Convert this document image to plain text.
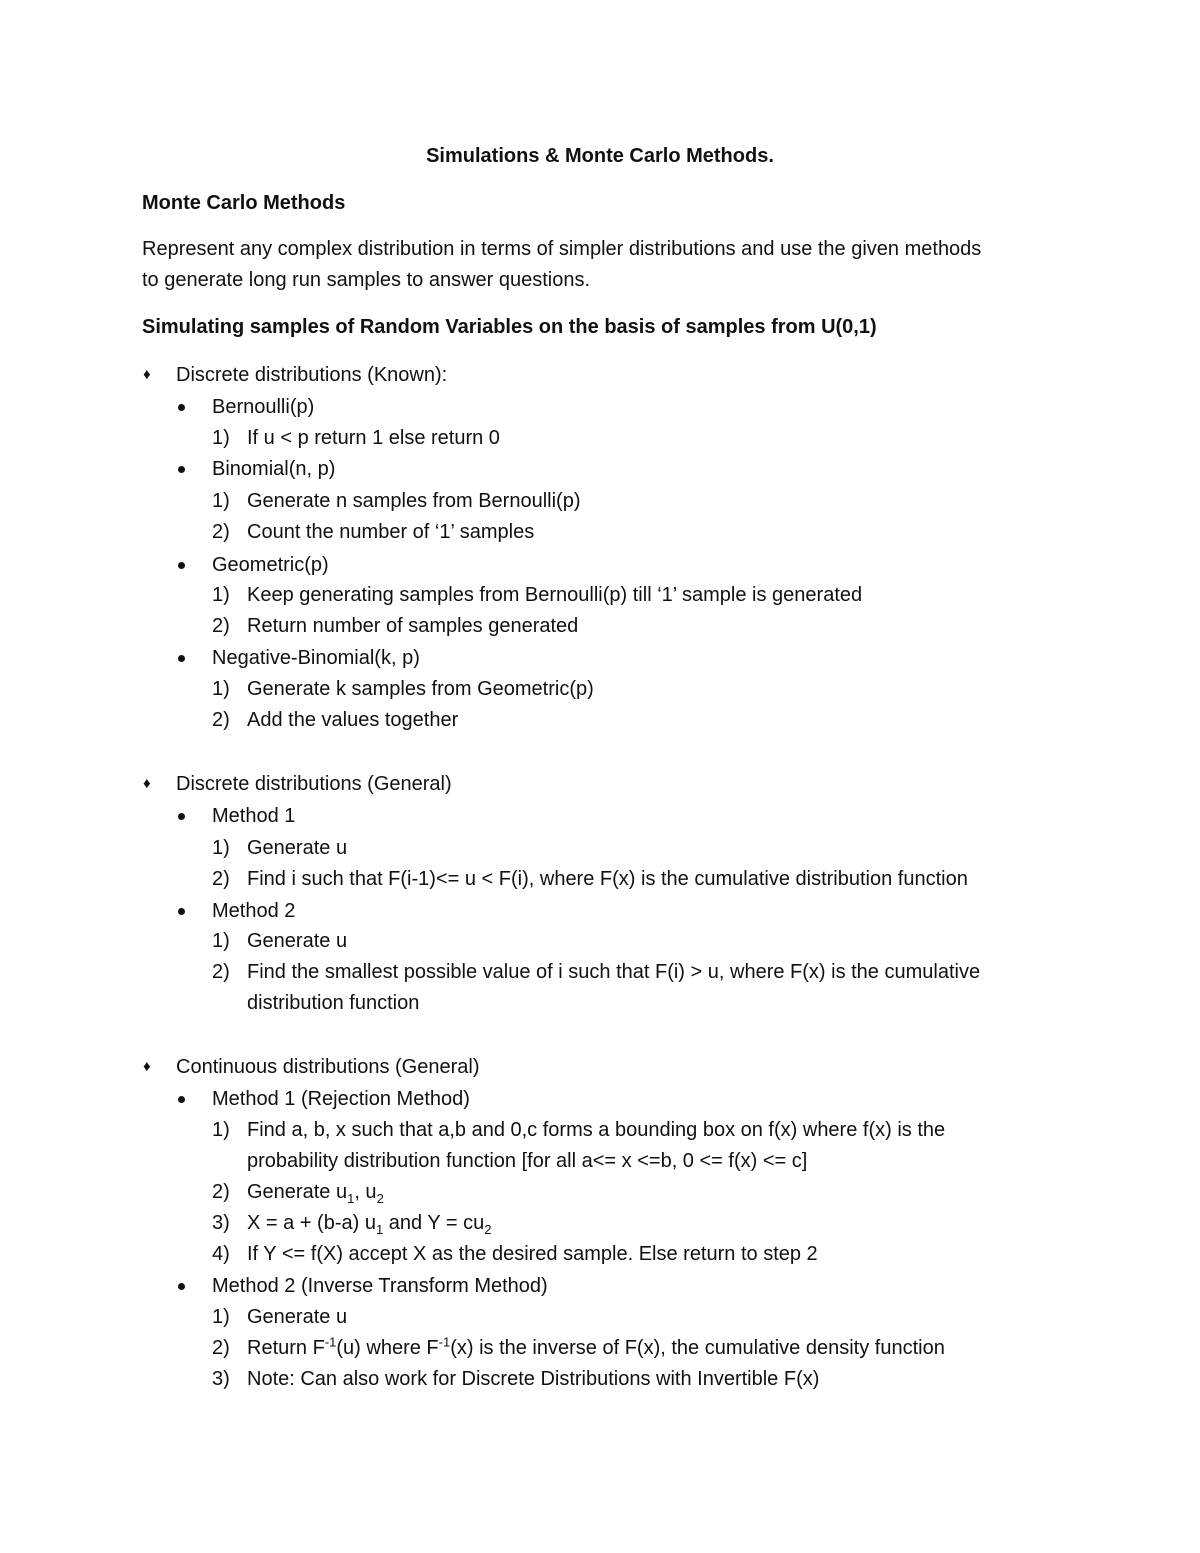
Simulations & Monte Carlo Methods.
Monte Carlo Methods
Represent any complex distribution in terms of simpler distributions and use the given methods
to generate long run samples to answer questions.
Simulating samples of Random Variables on the basis of samples from U(0,1)
♦ Discrete distributions (Known):
Bernoulli(p)
1) If u < p return 1 else return 0
Binomial(n, p)
1) Generate n samples from Bernoulli(p)
2) Count the number of ‘1’ samples
Geometric(p)
1) Keep generating samples from Bernoulli(p) till ‘1’ sample is generated
2) Return number of samples generated
Negative-Binomial(k, p)
1) Generate k samples from Geometric(p)
2) Add the values together
♦ Discrete distributions (General)
Method 1
1) Generate u
2) Find i such that F(i-1)<= u < F(i), where F(x) is the cumulative distribution function
Method 2
1) Generate u
2) Find the smallest possible value of i such that F(i) > u, where F(x) is the cumulative
distribution function
♦ Continuous distributions (General)
Method 1 (Rejection Method)
1) Find a, b, x such that a,b and 0,c forms a bounding box on f(x) where f(x) is the
probability distribution function [for all a<= x <=b, 0 <= f(x) <= c]
2) Generate $u_1$, $u_2$
3) X = a + (b-a) $u_1$ and $Y = cu_2$
4) If Y <= f(X) accept X as the desired sample. Else return to step 2
Method 2 (Inverse Transform Method)
1) Generate u
2) Return $F^{-1}(u)$ where $F^{-1}(x)$ is the inverse of F(x), the cumulative density function
3) Note: Can also work for Discrete Distributions with Invertible F(x)
